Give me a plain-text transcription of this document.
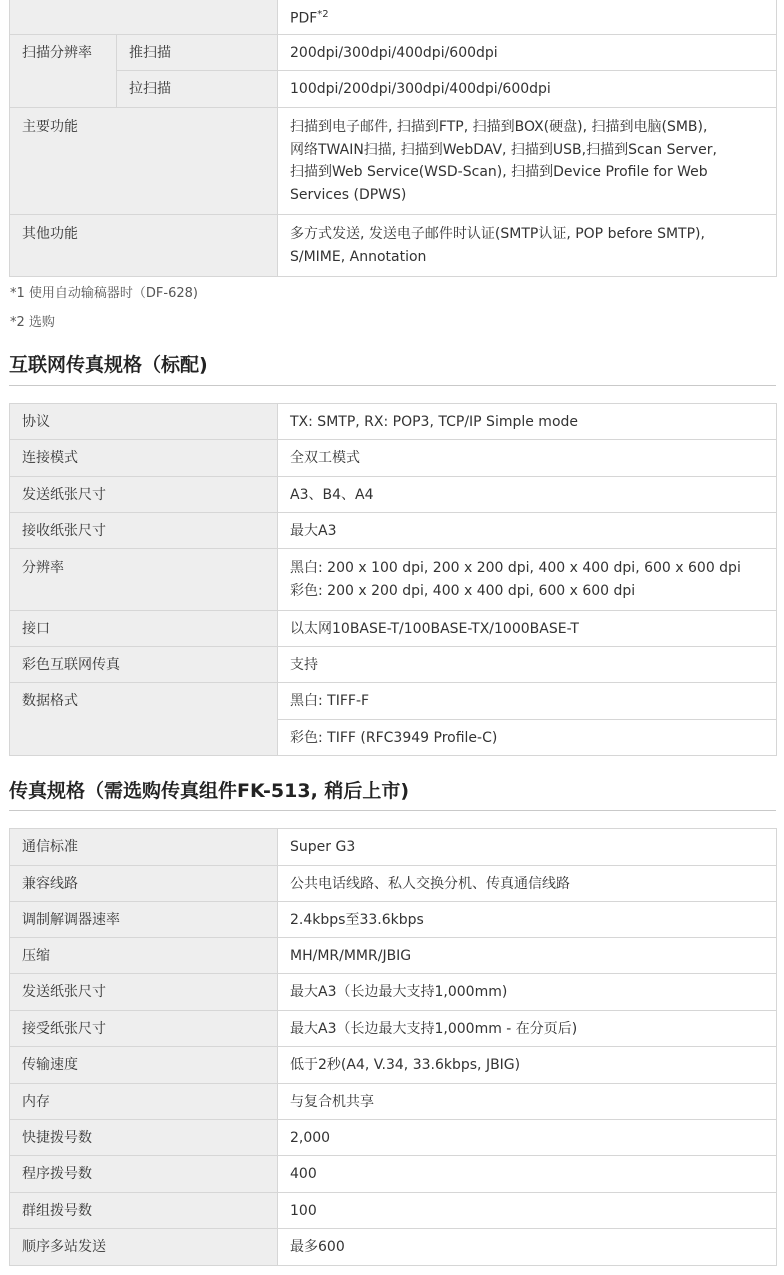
		PDF$^{*2}$
扫描分辨率	推扫描	200dpi/300dpi/400dpi/600dpi
	拉扫描	100dpi/200dpi/300dpi/400dpi/600dpi
主要功能		扫描到电子邮件, 扫描到FTP, 扫描到BOX(硬盘), 扫描到电脑(SMB),
网络TWAIN扫描, 扫描到WebDAV, 扫描到USB,扫描到Scan Server,
扫描到Web Service(WSD-Scan), 扫描到Device Profile for Web
Services (DPWS)

其他功能		多方式发送, 发送电子邮件时认证(SMTP认证, POP before SMTP),
S/MIME, Annotation
*1 使用自动输稿器时（DF-628)
*2 选购
互联网传真规格（标配)
协议	TX: SMTP, RX: POP3, TCP/IP Simple mode
连接模式	全双工模式
发送纸张尺寸	A3、B4、A4
接收纸张尺寸	最大A3
分辨率	黑白: 200 x 100 dpi, 200 x 200 dpi, 400 x 400 dpi, 600 x 600 dpi
彩色: 200 x 200 dpi, 400 x 400 dpi, 600 x 600 dpi

接口	以太网10BASE-T/100BASE-TX/1000BASE-T
彩色互联网传真	支持
数据格式	黑白: TIFF-F
	彩色: TIFF (RFC3949 Profile-C)
传真规格（需选购传真组件FK-513, 稍后上市)
通信标准	Super G3
兼容线路	公共电话线路、私人交换分机、传真通信线路
调制解调器速率	2.4kbps至33.6kbps
压缩	MH/MR/MMR/JBIG
发送纸张尺寸	最大A3（长边最大支持1,000mm)
接受纸张尺寸	最大A3（长边最大支持1,000mm - 在分页后)
传输速度	低于2秒(A4, V.34, 33.6kbps, JBIG)
内存	与复合机共享
快捷拨号数	2,000
程序拨号数	400
群组拨号数	100
顺序多站发送	最多600
